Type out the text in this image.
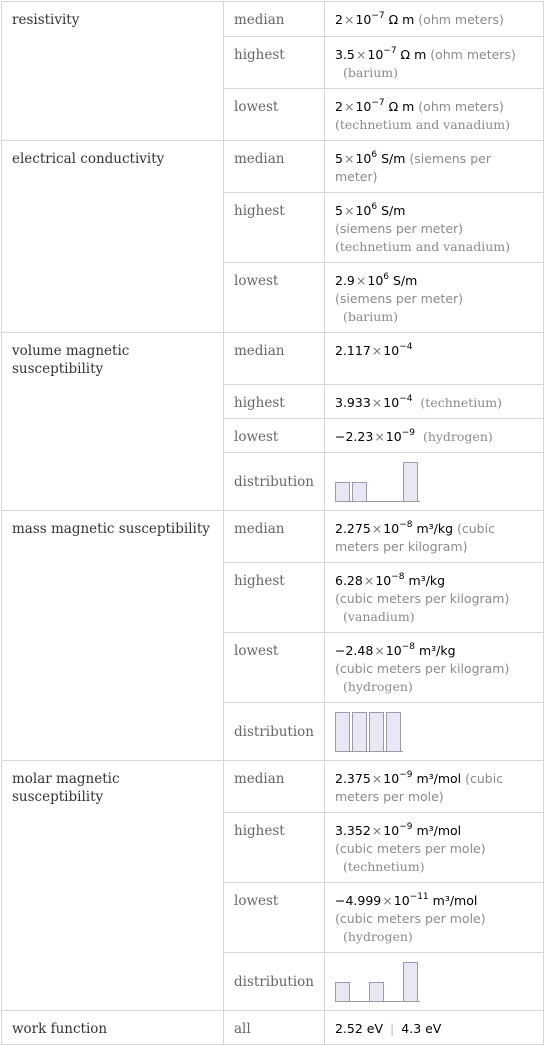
resistivity	median	$2\times 10^{-7}$ Ω m (ohm meters)
	highest	$3.5\times 10^{-7}$ Ω m (ohm meters)
(barium)
	lowest	$2\times 10^{-7}$ Ω m (ohm meters)
(technetium and vanadium)
electrical conductivity	median	$5\times 10^6$ S/m (siemens per meter)
	highest	$5\times 10^6$ S/m
(siemens per meter)
(technetium and vanadium)
	lowest	$2.9\times 10^6$ S/m
(siemens per meter)
(barium)
volume magnetic susceptibility	median	$2.117\times 10^{-4}$
	highest	$3.933\times 10^{-4}$ (technetium)
	lowest	$-2.23\times 10^{-9}$ (hydrogen)
	distribution	

mass magnetic susceptibility	median	$2.275\times 10^{-8}$ m³/kg (cubic meters per kilogram)
	highest	$6.28\times 10^{-8}$ m³/kg
(cubic meters per kilogram)
(vanadium)
	lowest	$-2.48\times 10^{-8}$ m³/kg
(cubic meters per kilogram)
(hydrogen)
	distribution	

molar magnetic susceptibility	median	$2.375\times 10^{-9}$ m³/mol (cubic meters per mole)
	highest	$3.352\times 10^{-9}$ m³/mol
(cubic meters per mole)
(technetium)
	lowest	$-4.999\times 10^{-11}$ m³/mol
(cubic meters per mole)
(hydrogen)
	distribution	

work function	all	2.52 eV | 4.3 eV
